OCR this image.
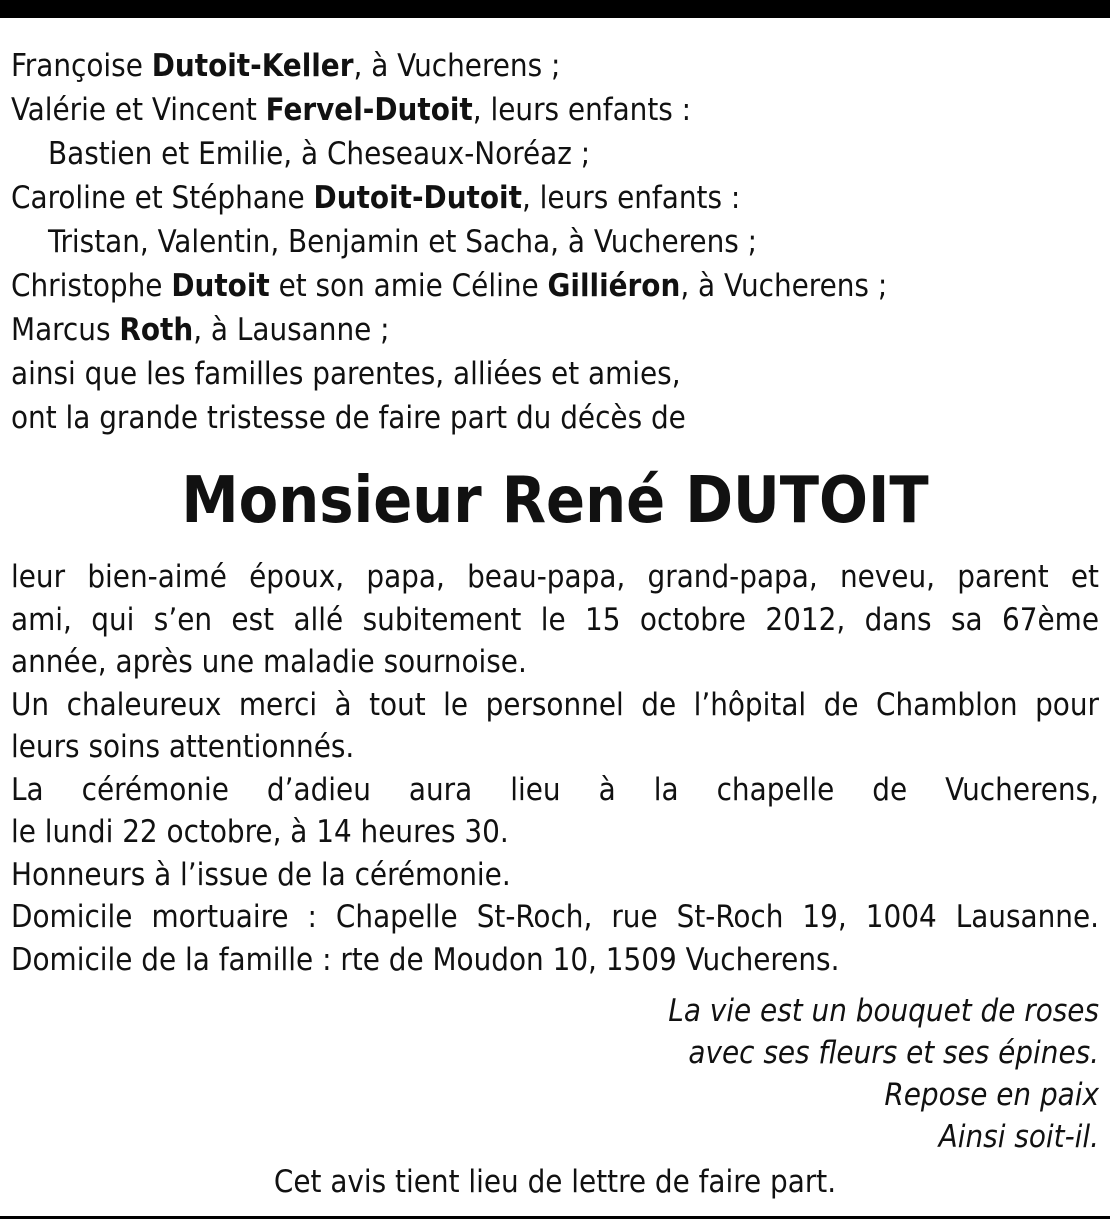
Françoise Dutoit-Keller, à Vucherens ;
Valérie et Vincent Fervel-Dutoit, leurs enfants :
Bastien et Emilie, à Cheseaux-Noréaz ;
Caroline et Stéphane Dutoit-Dutoit, leurs enfants :
Tristan, Valentin, Benjamin et Sacha, à Vucherens ;
Christophe Dutoit et son amie Céline Gilliéron, à Vucherens ;
Marcus Roth, à Lausanne ;
ainsi que les familles parentes, alliées et amies,
ont la grande tristesse de faire part du décès de
Monsieur René DUTOIT
leur bien-aimé époux, papa, beau-papa, grand-papa, neveu, parent et
ami, qui s’en est allé subitement le 15 octobre 2012, dans sa 67ème
année, après une maladie sournoise.
Un chaleureux merci à tout le personnel de l’hôpital de Chamblon pour
leurs soins attentionnés.
La cérémonie d’adieu aura lieu à la chapelle de Vucherens,
le lundi 22 octobre, à 14 heures 30.
Honneurs à l’issue de la cérémonie.
Domicile mortuaire : Chapelle St-Roch, rue St-Roch 19, 1004 Lausanne.
Domicile de la famille : rte de Moudon 10, 1509 Vucherens.
La vie est un bouquet de roses
avec ses fleurs et ses épines.
Repose en paix
Ainsi soit-il.
Cet avis tient lieu de lettre de faire part.
